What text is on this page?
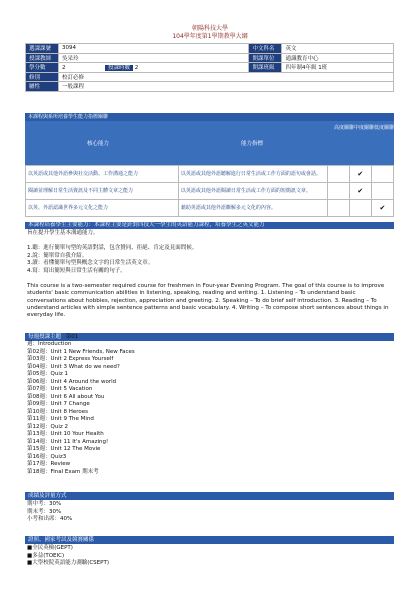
朝陽科技大學
104學年度第1學期教學大綱
選課課號	3094	中文科名	英文
授課教師	吳采玲	開課單位	通識教育中心
學分數	2 授課時數 2	開課班級	四年制4年級 1班
修別	校訂必修		
屬性	一般課程		
本課程與系所培養學生能力指標關聯
核心能力	能力指標
高度關聯 中度關聯 低度關聯
以英語或其他外語參與社交活動、工作溝通之能力	以英語或其他外語聽解進行日常生活或工作方面的語句或會話。		✔	
閱讀並理解日常生活資訊及不同主體文章之能力	以英語或其他外語閱讀日常生活或工作方面的短簡訊文章。		✔	
以英、外語認識世界多元文化之能力	藉助英語或其他外語瞭解多元文化的內容。			✔
本課程培養學生主要能力：本課程主要是針對四技大一學生的英語能力課程，培養學生之英文能力
旨在提升學生基本溝通能力。
1.聽：進行簡單句型的英語對話，包含贊同、拒絕、肯定及見面問候。
2.說：簡單常自我介紹。
3.讀：看懂簡單句型與概念文字的日常生活英文章。
4.寫：寫出簡短與日常生活有關的句子。
This course is a two-semester required course for freshmen in Four-year Evening Program. The goal of this course is to improve students' basic communication abilities in listening, speaking, reading and writing. 1. Listening – To understand basic conversations about hobbies, rejection, appreciation and greeting. 2. Speaking – To do brief self introduction. 3. Reading – To understand articles with simple sentence patterns and basic vocabulary. 4. Writing – To compose short sentences about things in everyday life.
每週授課主題 第01
週：Introduction
第02週：Unit 1 New Friends, New Faces
第03週：Unit 2 Express Yourself
第04週：Unit 3 What do we need?
第05週：Quiz 1
第06週：Unit 4 Around the world
第07週：Unit 5 Vacation
第08週：Unit 6 All about You
第09週：Unit 7 Change
第10週：Unit 8 Heroes
第11週：Unit 9 The Mind
第12週：Quiz 2
第13週：Unit 10 Your Health
第14週：Unit 11 It's Amazing!
第15週：Unit 12 The Movie
第16週：Quiz3
第17週：Review
第18週：Final Exam 期末考
成績及評量方式
期中考：30%
期末考：30%
小考和出席：40%
證照、國家考試及競賽關係
■全民英檢(GEPT)
■多益(TOEIC)
■大學校院英語能力測驗(CSEPT)
